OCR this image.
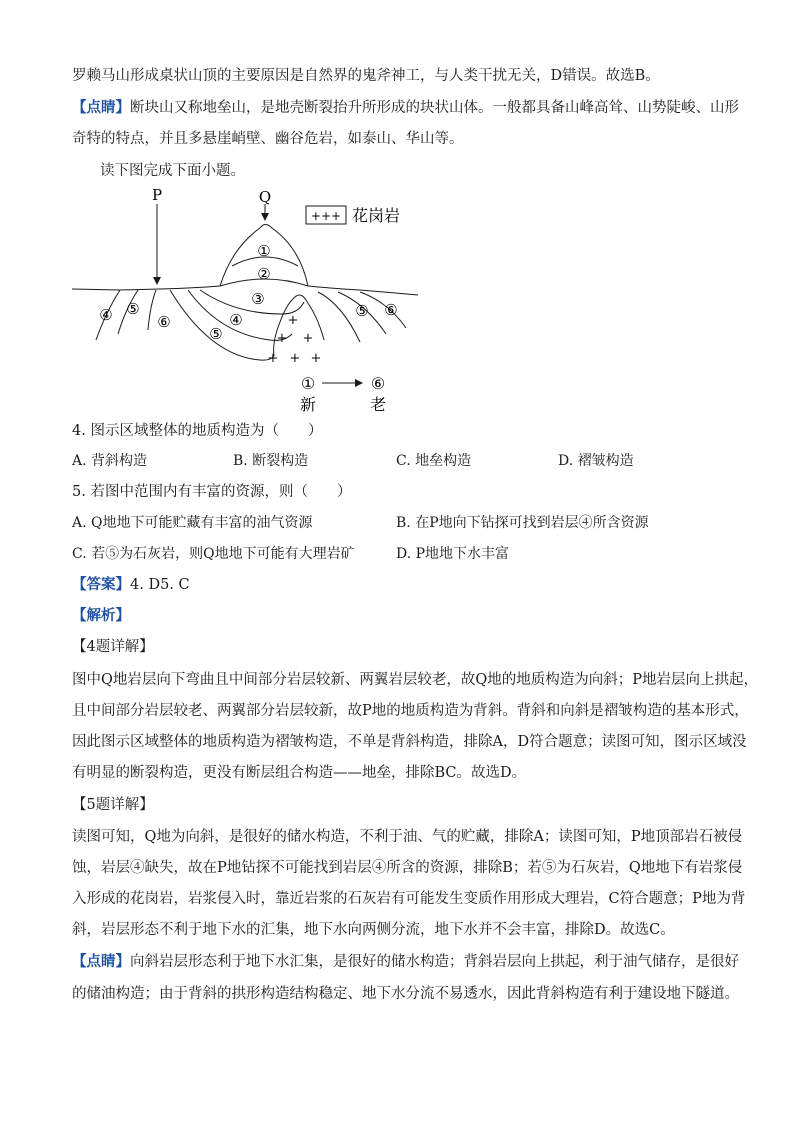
罗赖马山形成桌状山顶的主要原因是自然界的鬼斧神工，与人类干扰无关，D错误。故选B。
【点睛】断块山又称地垒山，是地壳断裂抬升所形成的块状山体。一般都具备山峰高耸、山势陡峻、山形
奇特的特点，并且多悬崖峭壁、幽谷危岩，如泰山、华山等。
读下图完成下面小题。
P	Q
+++ 花岗岩
①
②
③
④
⑤
⑥
⑤
④	⑤ ⑥
+
+ +
+ + +
①	⑥
新	老
4. 图示区域整体的地质构造为（　　）
A. 背斜构造	B. 断裂构造	C. 地垒构造	D. 褶皱构造
5. 若图中范围内有丰富的资源，则（　　）
A. Q地地下可能贮藏有丰富的油气资源	B. 在P地向下钻探可找到岩层④所含资源
C. 若⑤为石灰岩，则Q地地下可能有大理岩矿	D. P地地下水丰富
【答案】4. D5. C
【解析】
【4题详解】
图中Q地岩层向下弯曲且中间部分岩层较新、两翼岩层较老，故Q地的地质构造为向斜；P地岩层向上拱起，
且中间部分岩层较老、两翼部分岩层较新，故P地的地质构造为背斜。背斜和向斜是褶皱构造的基本形式，
因此图示区域整体的地质构造为褶皱构造，不单是背斜构造，排除A，D符合题意；读图可知，图示区域没
有明显的断裂构造，更没有断层组合构造——地垒，排除BC。故选D。
【5题详解】
读图可知，Q地为向斜，是很好的储水构造，不利于油、气的贮藏，排除A；读图可知，P地顶部岩石被侵
蚀，岩层④缺失，故在P地钻探不可能找到岩层④所含的资源，排除B；若⑤为石灰岩，Q地地下有岩浆侵
入形成的花岗岩，岩浆侵入时，靠近岩浆的石灰岩有可能发生变质作用形成大理岩，C符合题意；P地为背
斜，岩层形态不利于地下水的汇集，地下水向两侧分流，地下水并不会丰富，排除D。故选C。
【点睛】向斜岩层形态利于地下水汇集，是很好的储水构造；背斜岩层向上拱起，利于油气储存，是很好
的储油构造；由于背斜的拱形构造结构稳定、地下水分流不易透水，因此背斜构造有利于建设地下隧道。
